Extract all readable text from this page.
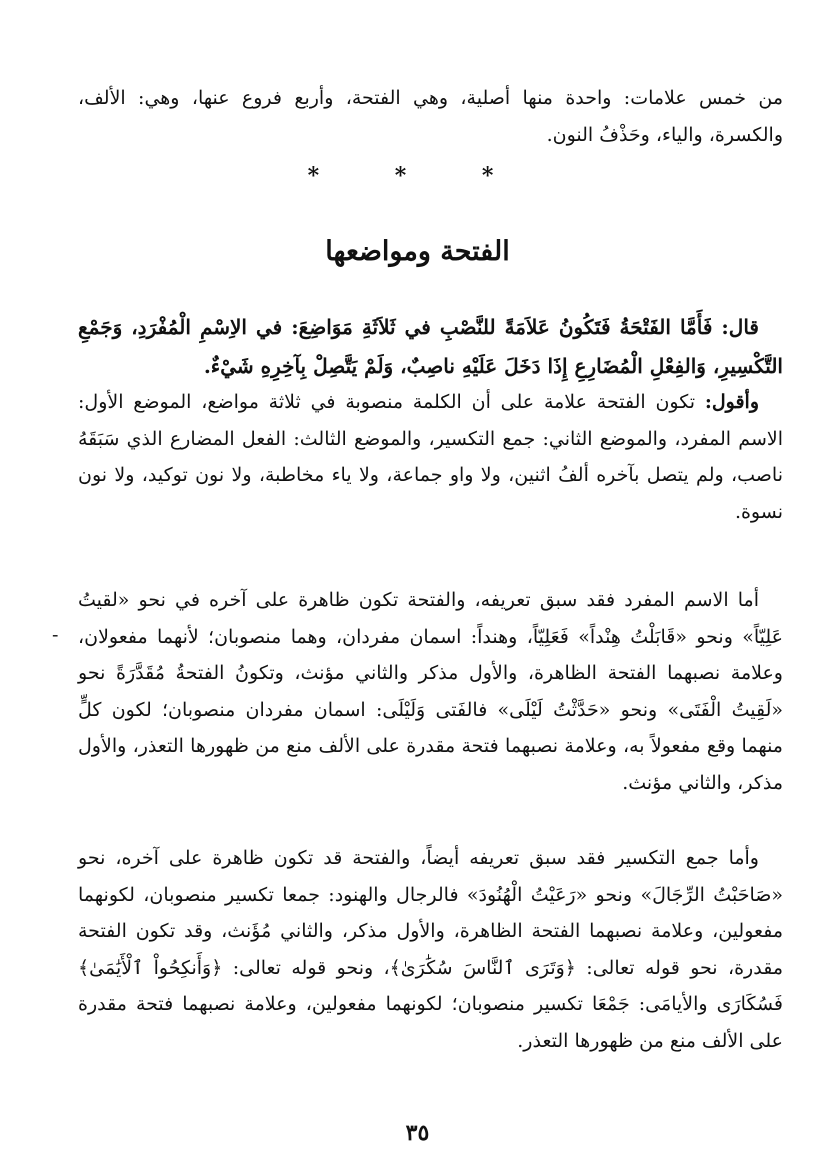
من خمس علامات: واحدة منها أصلية، وهي الفتحة، وأربع فروع عنها، وهي: الألف، والكسرة، والياء، وحَذْفُ النون.

* * *
الفتحة ومواضعها

قال: فَأَمَّا الفَتْحَةُ فَتَكُونُ عَلاَمَةً للنَّصْبِ في ثَلاَثَةِ مَوَاضِعَ: في الاِسْمِ الْمُفْرَدِ، وَجَمْعِ التَّكْسِيرِ، وَالفِعْلِ الْمُضَارِعِ إِذَا دَخَلَ عَلَيْهِ ناصِبٌ، وَلَمْ يَتَّصِلْ بِآخِرِهِ شَيْءٌ.

وأقول: تكون الفتحة علامة على أن الكلمة منصوبة في ثلاثة مواضع، الموضع الأول: الاسم المفرد، والموضع الثاني: جمع التكسير، والموضع الثالث: الفعل المضارع الذي سَبَقَهُ ناصب، ولم يتصل بآخره ألفُ اثنين، ولا واو جماعة، ولا ياء مخاطبة، ولا نون توكيد، ولا نون نسوة.

أما الاسم المفرد فقد سبق تعريفه، والفتحة تكون ظاهرة على آخره في نحو «لقيتُ عَلِيّاً» ونحو «قَابَلْتُ هِنْداً» فَعَلِيّاً، وهنداً: اسمان مفردان، وهما منصوبان؛ لأنهما مفعولان، وعلامة نصبهما الفتحة الظاهرة، والأول مذكر والثاني مؤنث، وتكونُ الفتحةُ مُقَدَّرَةً نحو «لَقِيتُ الْفَتَى» ونحو «حَدَّثْتُ لَيْلَى» فالفَتى وَلَيْلَى: اسمان مفردان منصوبان؛ لكون كلٍّ منهما وقع مفعولاً به، وعلامة نصبهما فتحة مقدرة على الألف منع من ظهورها التعذر، والأول مذكر، والثاني مؤنث.

-

وأما جمع التكسير فقد سبق تعريفه أيضاً، والفتحة قد تكون ظاهرة على آخره، نحو «صَاحَبْتُ الرِّجَالَ» ونحو «رَعَيْتُ الْهُنُودَ» فالرجال والهنود: جمعا تكسير منصوبان، لكونهما مفعولين، وعلامة نصبهما الفتحة الظاهرة، والأول مذكر، والثاني مُؤَنث، وقد تكون الفتحة مقدرة، نحو قوله تعالى: ﴿وَتَرَى ٱلنَّاسَ سُكَٰرَىٰ﴾، ونحو قوله تعالى: ﴿وَأَنكِحُواْ ٱلْأَيَٰمَىٰ﴾ فَسُكَارَى والأيامَى: جَمْعَا تكسير منصوبان؛ لكونهما مفعولين، وعلامة نصبهما فتحة مقدرة على الألف منع من ظهورها التعذر.

٣٥
